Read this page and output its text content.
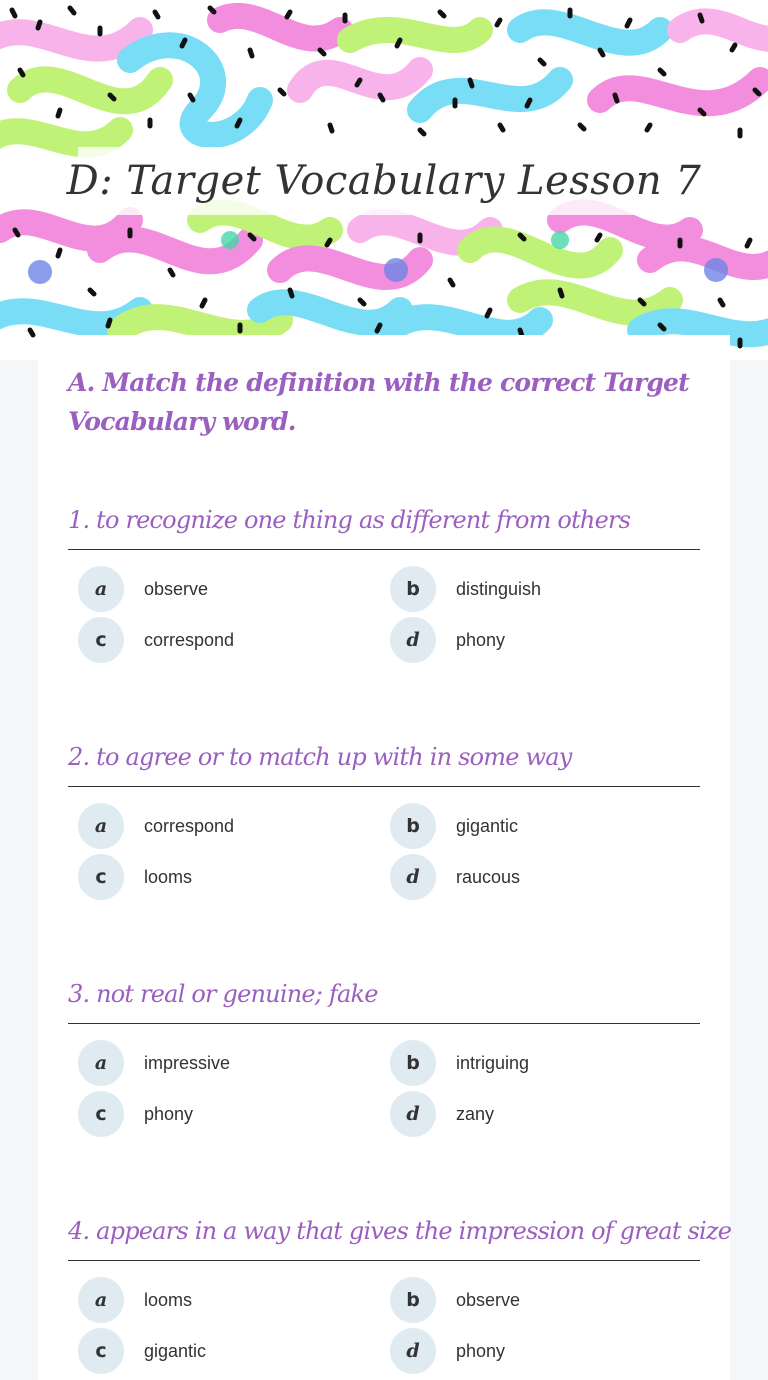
D: Target Vocabulary Lesson 7
A. Match the definition with the correct Target Vocabulary word.
1. to recognize one thing as different from others
a	observe	b	distinguish
c	correspond	d	phony
2. to agree or to match up with in some way
a	correspond	b	gigantic
c	looms	d	raucous
3. not real or genuine; fake
a	impressive	b	intriguing
c	phony	d	zany
4. appears in a way that gives the impression of great size
a	looms	b	observe
c	gigantic	d	phony
